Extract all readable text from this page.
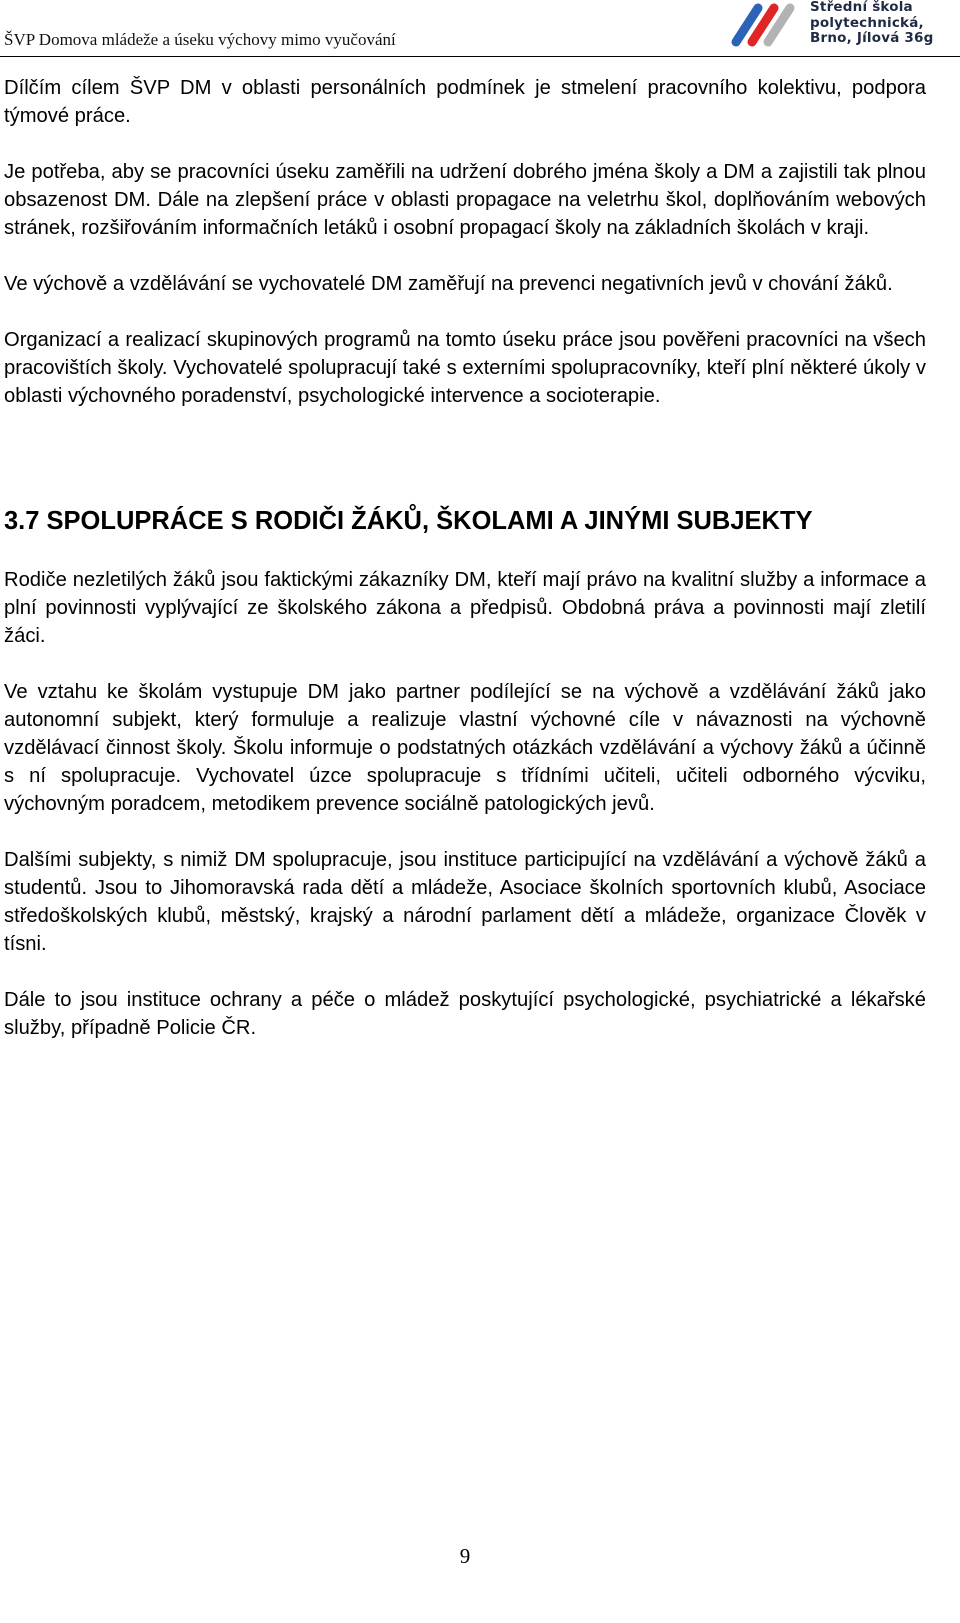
ŠVP Domova mládeže a úseku výchovy mimo vyučování
Střední škola
polytechnická,
Brno, Jílová 36g

Dílčím cílem ŠVP DM v oblasti personálních podmínek je stmelení pracovního kolektivu, podpora týmové práce.

Je potřeba, aby se pracovníci úseku zaměřili na udržení dobrého jména školy a DM a zajistili tak plnou obsazenost DM. Dále na zlepšení práce v oblasti propagace na veletrhu škol, doplňováním webových stránek, rozšiřováním informačních letáků i osobní propagací školy na základních školách v kraji.

Ve výchově a vzdělávání se vychovatelé DM zaměřují na prevenci negativních jevů v chování žáků.

Organizací a realizací skupinových programů na tomto úseku práce jsou pověřeni pracovníci na všech pracovištích školy. Vychovatelé spolupracují také s externími spolupracovníky, kteří plní některé úkoly v oblasti výchovného poradenství, psychologické intervence a socioterapie.

3.7 SPOLUPRÁCE S RODIČI ŽÁKŮ, ŠKOLAMI A JINÝMI SUBJEKTY

Rodiče nezletilých žáků jsou faktickými zákazníky DM, kteří mají právo na kvalitní služby a informace a plní povinnosti vyplývající ze školského zákona a předpisů. Obdobná práva a povinnosti mají zletilí žáci.

Ve vztahu ke školám vystupuje DM jako partner podílející se na výchově a vzdělávání žáků jako autonomní subjekt, který formuluje a realizuje vlastní výchovné cíle v návaznosti na výchovně vzdělávací činnost školy. Školu informuje o podstatných otázkách vzdělávání a výchovy žáků a účinně s ní spolupracuje. Vychovatel úzce spolupracuje s třídními učiteli, učiteli odborného výcviku, výchovným poradcem, metodikem prevence sociálně patologických jevů.

Dalšími subjekty, s nimiž DM spolupracuje, jsou instituce participující na vzdělávání a výchově žáků a studentů. Jsou to Jihomoravská rada dětí a mládeže, Asociace školních sportovních klubů, Asociace středoškolských klubů, městský, krajský a národní parlament dětí a mládeže, organizace Člověk v tísni.

Dále to jsou instituce ochrany a péče o mládež poskytující psychologické, psychiatrické a lékařské služby, případně Policie ČR.

9
